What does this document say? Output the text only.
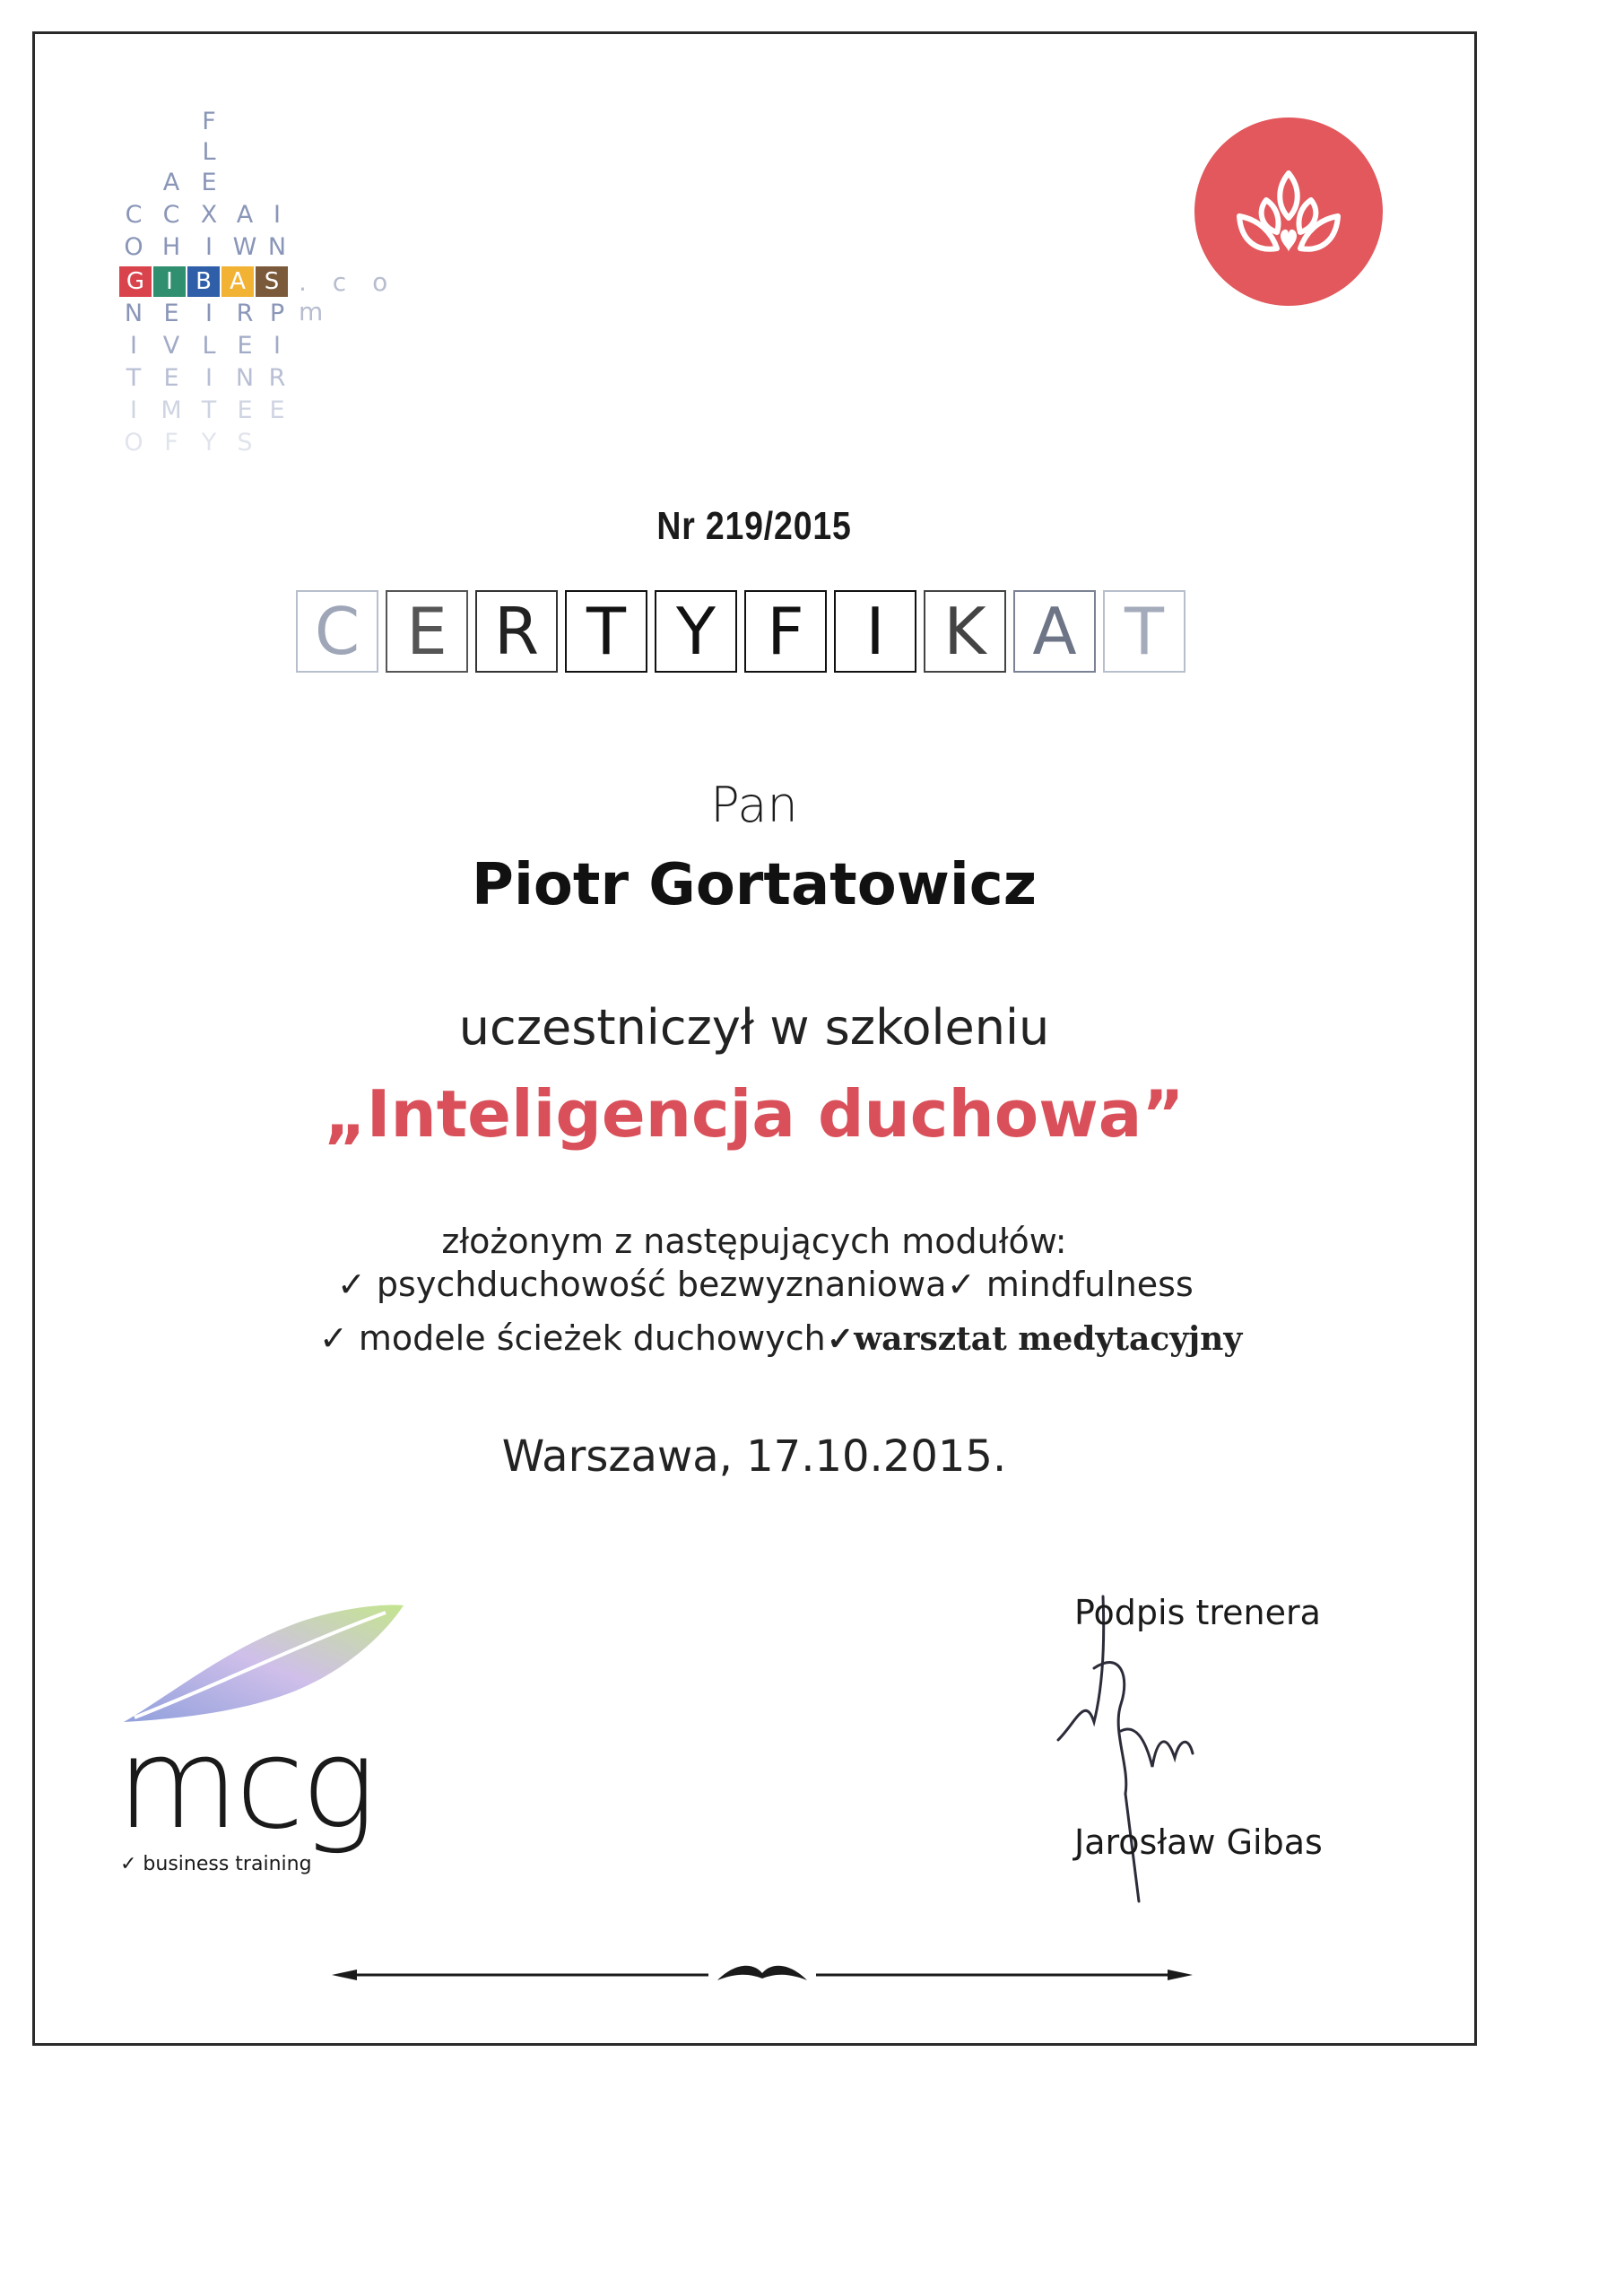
F
L
A E
C C X A I
O H	I W N
G I B A S . c o m
N E	I R P
I	V L E I
T E	I N R
I M T E E
O F Y S
Nr 219/2015
C E R T Y F I K A T
Pan
Piotr Gortatowicz
uczestniczył w szkoleniu
„Inteligencja duchowa”
złożonym z następujących modułów:
✓ psychduchowość bezwyznaniowa ✓ mindfulness
✓ modele ścieżek duchowych ✓warsztat medytacyjny
Warszawa, 17.10.2015.
mcg
✓ business training
Podpis trenera
Jarosław Gibas
